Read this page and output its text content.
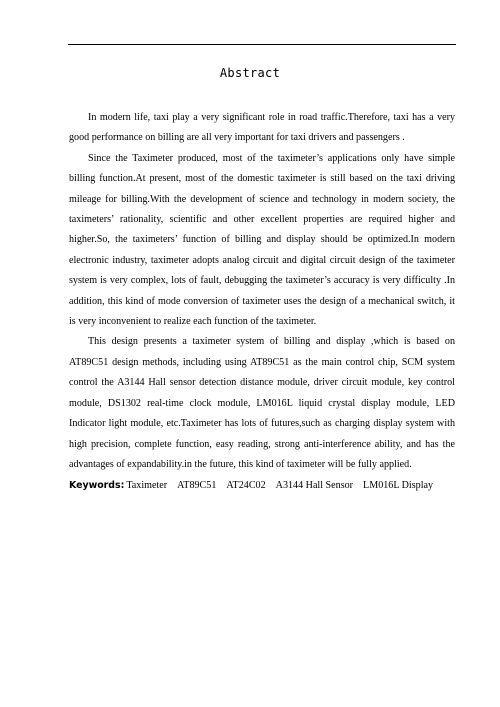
Abstract

In modern life, taxi play a very significant role in road traffic.Therefore, taxi has a very good performance on billing are all very important for taxi drivers and passengers .

Since the Taximeter produced, most of the taximeter’s applications only have simple billing function.At present, most of the domestic taximeter is still based on the taxi driving mileage for billing.With the development of science and technology in modern society, the taximeters’ rationality, scientific and other excellent properties are required higher and higher.So, the taximeters’ function of billing and display should be optimized.In modern electronic industry, taximeter adopts analog circuit and digital circuit design of the taximeter system is very complex, lots of fault, debugging the taximeter’s accuracy is very difficulty .In addition, this kind of mode conversion of taximeter uses the design of a mechanical switch, it is very inconvenient to realize each function of the taximeter.

This design presents a taximeter system of billing and display ,which is based on AT89C51 design methods, including using AT89C51 as the main control chip, SCM system control the A3144 Hall sensor detection distance module, driver circuit module, key control module, DS1302 real-time clock module, LM016L liquid crystal display module, LED Indicator light module, etc.Taximeter has lots of futures,such as charging display system with high precision, complete function, easy reading, strong anti-interference ability, and has the advantages of expandability.in the future, this kind of taximeter will be fully applied.

Keywords: Taximeter AT89C51 AT24C02 A3144 Hall Sensor LM016L Display
